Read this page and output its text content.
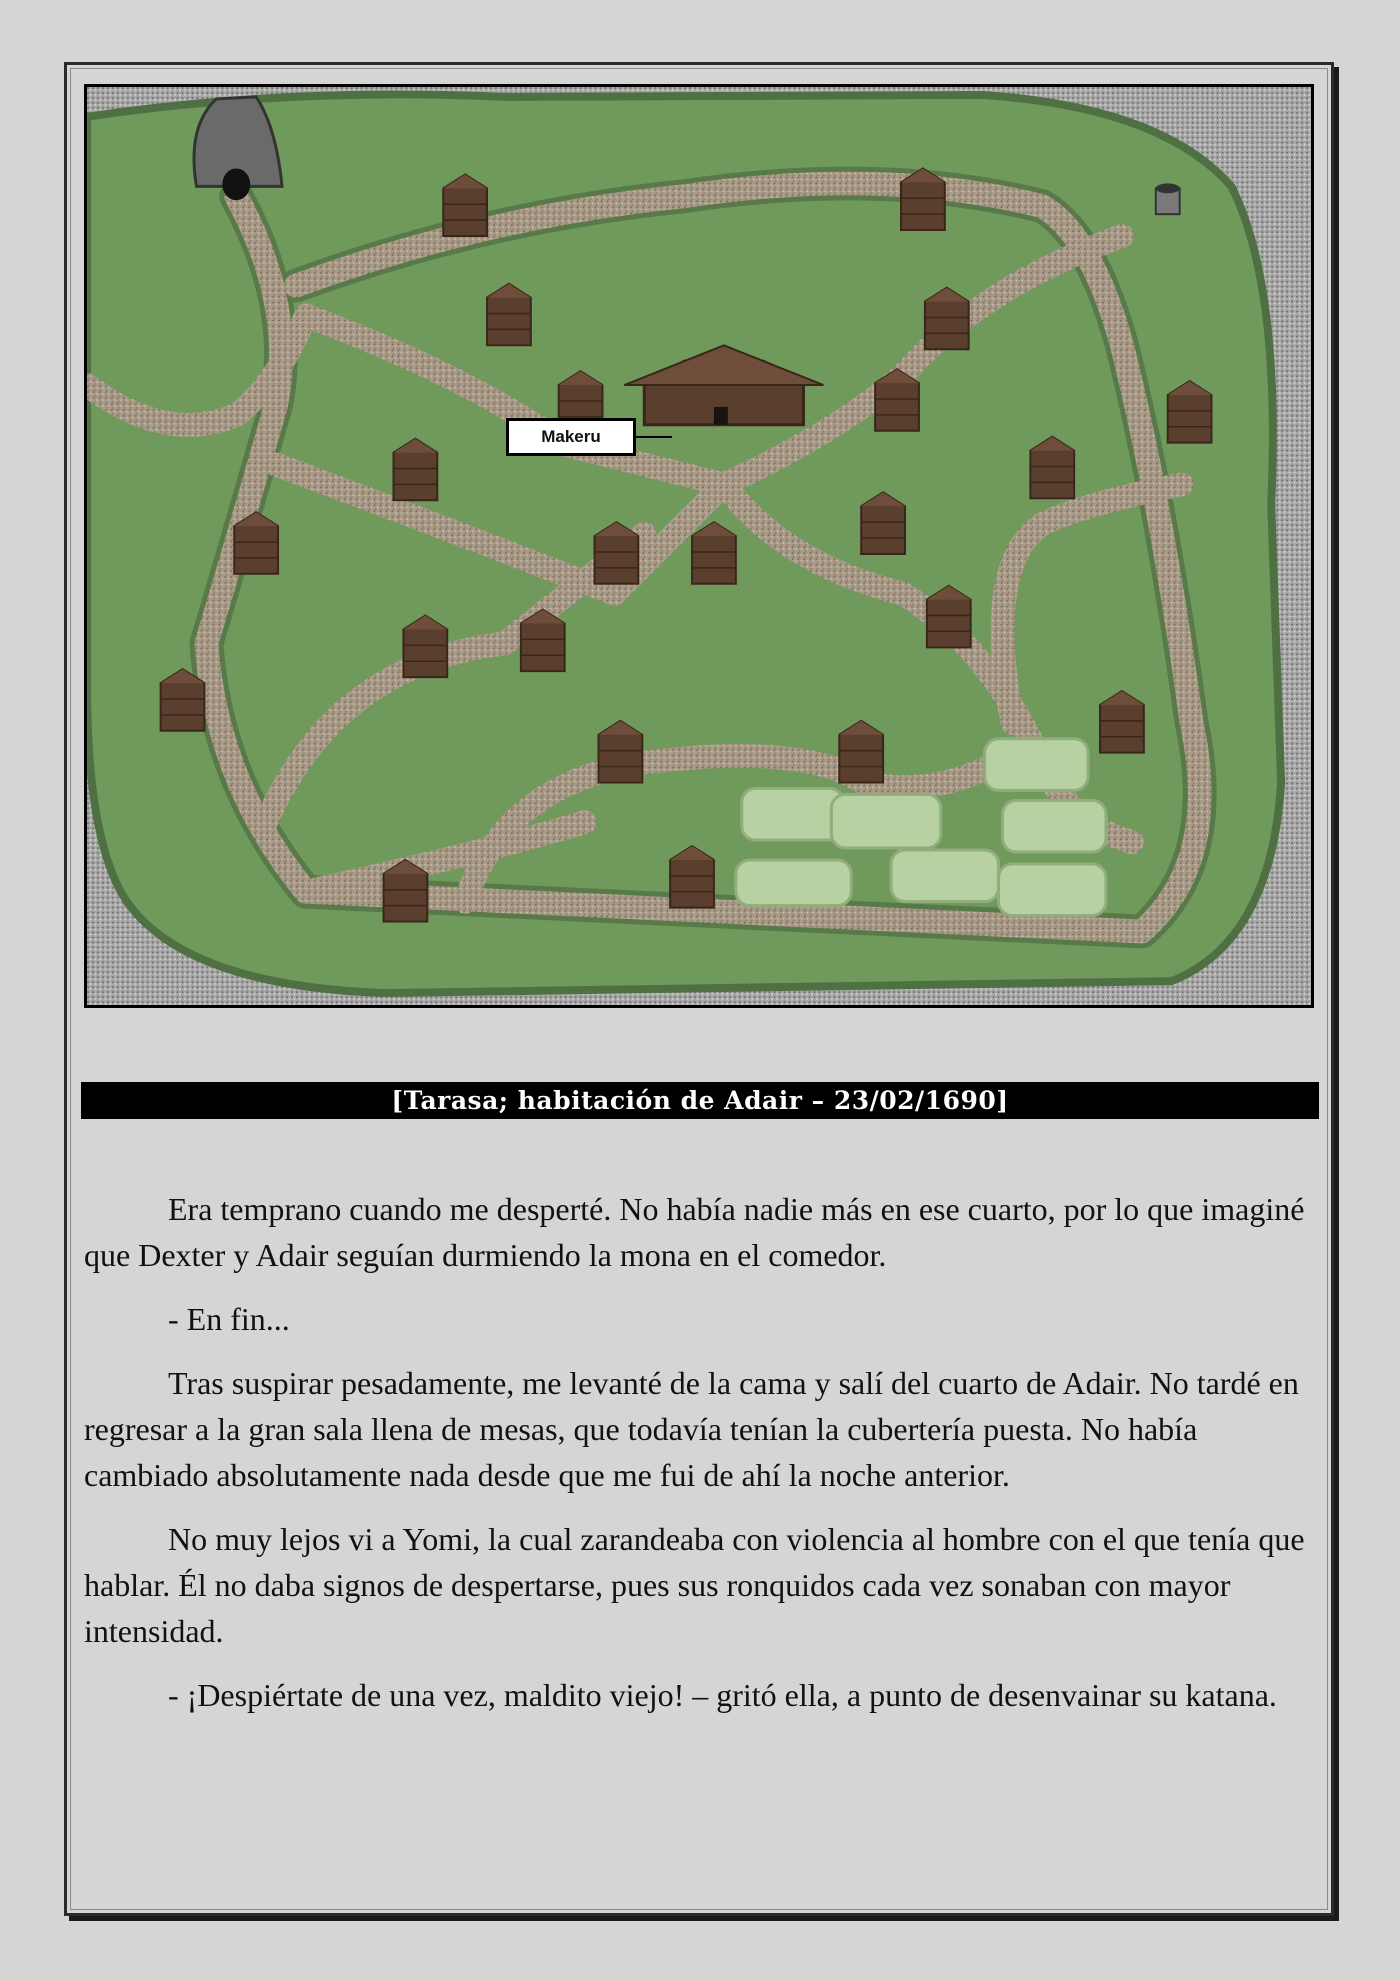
Makeru
[Tarasa; habitación de Adair – 23/02/1690]

Era temprano cuando me desperté. No había nadie más en ese cuarto, por lo que imaginé que Dexter y Adair seguían durmiendo la mona en el comedor.

- En fin...

Tras suspirar pesadamente, me levanté de la cama y salí del cuarto de Adair. No tardé en regresar a la gran sala llena de mesas, que todavía tenían la cubertería puesta. No había cambiado absolutamente nada desde que me fui de ahí la noche anterior.

No muy lejos vi a Yomi, la cual zarandeaba con violencia al hombre con el que tenía que hablar. Él no daba signos de despertarse, pues sus ronquidos cada vez sonaban con mayor intensidad.

- ¡Despiértate de una vez, maldito viejo! – gritó ella, a punto de desenvainar su katana.
